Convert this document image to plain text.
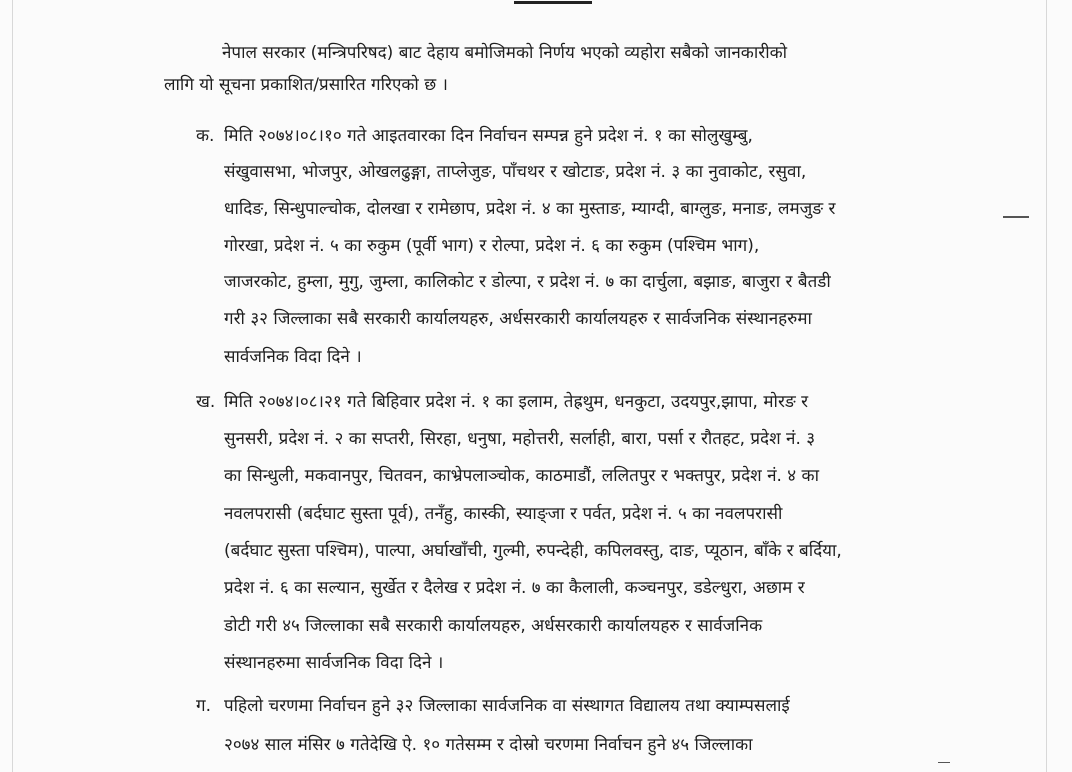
नेपाल सरकार (मन्त्रिपरिषद) बाट देहाय बमोजिमको निर्णय भएको व्यहोरा सबैको जानकारीको
लागि यो सूचना प्रकाशित/प्रसारित गरिएको छ ।
क. मिति २०७४।०८।१० गते आइतवारका दिन निर्वाचन सम्पन्न हुने प्रदेश नं. १ का सोलुखुम्बु,
संखुवासभा, भोजपुर, ओखलढुङ्गा, ताप्लेजुङ, पाँचथर र खोटाङ, प्रदेश नं. ३ का नुवाकोट, रसुवा,
धादिङ, सिन्धुपाल्चोक, दोलखा र रामेछाप, प्रदेश नं. ४ का मुस्ताङ, म्याग्दी, बाग्लुङ, मनाङ, लमजुङ र
गोरखा, प्रदेश नं. ५ का रुकुम (पूर्वी भाग) र रोल्पा, प्रदेश नं. ६ का रुकुम (पश्चिम भाग),
जाजरकोट, हुम्ला, मुगु, जुम्ला, कालिकोट र डोल्पा, र प्रदेश नं. ७ का दार्चुला, बझाङ, बाजुरा र बैतडी
गरी ३२ जिल्लाका सबै सरकारी कार्यालयहरु, अर्धसरकारी कार्यालयहरु र सार्वजनिक संस्थानहरुमा
सार्वजनिक विदा दिने ।
ख. मिति २०७४।०८।२१ गते बिहिवार प्रदेश नं. १ का इलाम, तेह्रथुम, धनकुटा, उदयपुर,झापा, मोरङ र
सुनसरी, प्रदेश नं. २ का सप्तरी, सिरहा, धनुषा, महोत्तरी, सर्लाही, बारा, पर्सा र रौतहट, प्रदेश नं. ३
का सिन्धुली, मकवानपुर, चितवन, काभ्रेपलाञ्चोक, काठमाडौं, ललितपुर र भक्तपुर, प्रदेश नं. ४ का
नवलपरासी (बर्दघाट सुस्ता पूर्व), तनँहु, कास्की, स्याङ्जा र पर्वत, प्रदेश नं. ५ का नवलपरासी
(बर्दघाट सुस्ता पश्चिम), पाल्पा, अर्घाखाँची, गुल्मी, रुपन्देही, कपिलवस्तु, दाङ, प्यूठान, बाँके र बर्दिया,
प्रदेश नं. ६ का सल्यान, सुर्खेत र दैलेख र प्रदेश नं. ७ का कैलाली, कञ्चनपुर, डडेल्धुरा, अछाम र
डोटी गरी ४५ जिल्लाका सबै सरकारी कार्यालयहरु, अर्धसरकारी कार्यालयहरु र सार्वजनिक
संस्थानहरुमा सार्वजनिक विदा दिने ।
ग. पहिलो चरणमा निर्वाचन हुने ३२ जिल्लाका सार्वजनिक वा संस्थागत विद्यालय तथा क्याम्पसलाई
२०७४ साल मंसिर ७ गतेदेखि ऐ. १० गतेसम्म र दोस्रो चरणमा निर्वाचन हुने ४५ जिल्लाका
